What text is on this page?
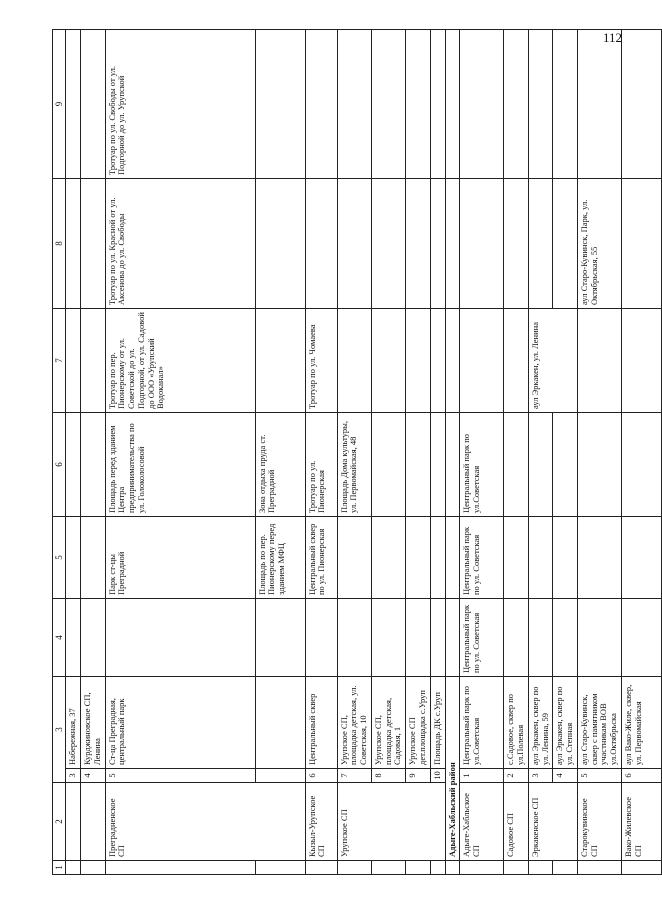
112
1	2	3		4	5	6	7	8	9
		3	Набережная, 37						
		4	Курджиновское СП, Ленина						
	Преградненское СП	5	Ст-ца Преградная, центральный парк		Парк ст-цы Преградной	Площадь перед зданием Центра предпринимательства по ул. Голоколосовой	Тротуар по пер. Пионерскому от ул. Советской до ул. Подгорной, от ул. Садовой до ООО «Урупский Водоканал»	Тротуар по ул. Красной от ул. Аксенова до ул. Свободы	Тротуар по ул. Свободы от ул. Подгорной до ул. Урупской
					Площадь по пер. Пионерскому перед зданием МФЦ	Зона отдыха пруда ст. Преградной			
	Кызыл-Урупское СП	6	Центральный сквер		Центральный сквер по ул. Пионерская	Тротуар по ул. Пионерская	Тротуар по ул. Чомаева		
	Урупское СП	7	Урупское СП, площадка детская, ул. Советская, 10			Площадь Дома культуры, ул. Первомайская, 48			
		8	Урупское СП, площадка детская, Садовая, 1						
		9	Урупское СП дет.площадка с.Уруп						
		10	Площадь ДК с.Уруп						
	Адыге-Хабльский район								
	Адыге-Хабльское СП	1	Центральный парк по ул.Советская	Центральный парк по ул. Советская	Центральный парк по ул. Советская	Центральный парк по ул.Советская			
	Садовое СП	2	с.Садовое, сквер по ул.Полевая						
	Эркакенское СП	3	аул Эркакен, сквер по ул. Ленина, 59				аул Эркакен, ул. Ленина		
		4	аул Эркакен, сквер по ул. Степная						
	Старокувинское СП	5	аул Старо-Кувинск, сквер с памятником участникам ВОВ ул.Октябрьска					аул Старо-Кувинск, Парк, ул. Октябрьская, 55	
	Вако-Жилевское СП	6	аул Вако-Жиле, сквер, ул. Первомайская						
